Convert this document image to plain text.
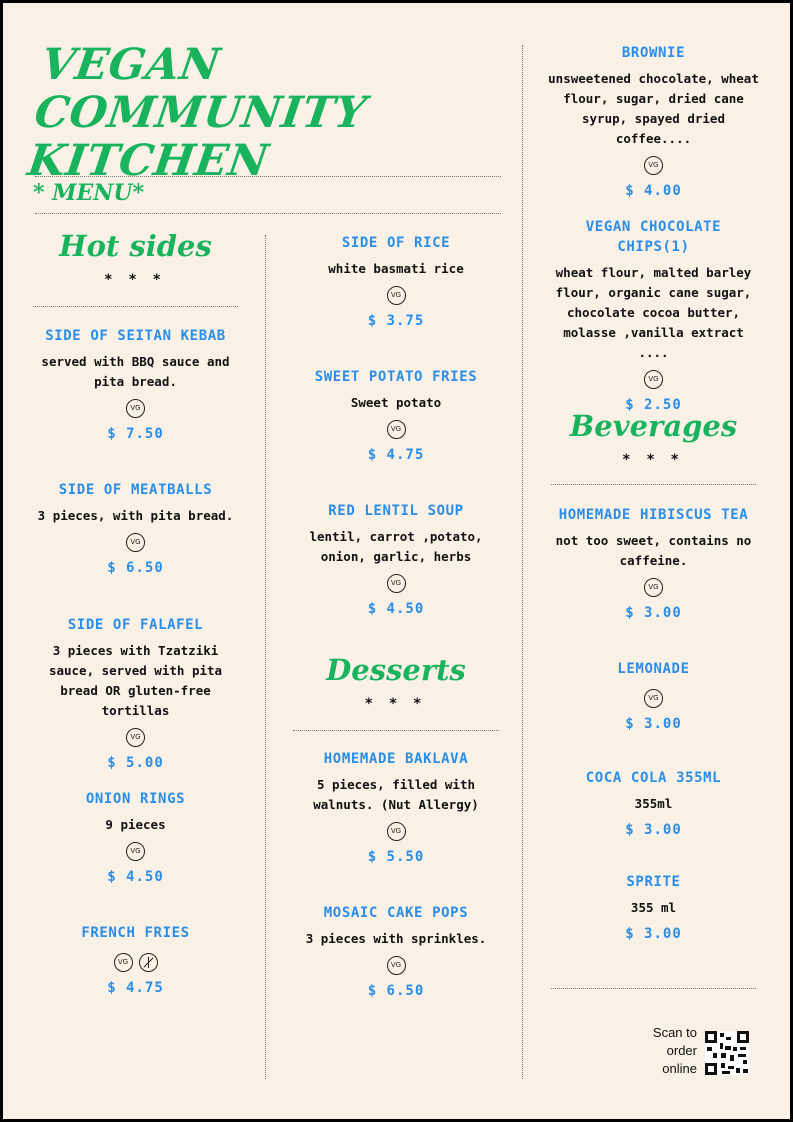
VEGAN COMMUNITY KITCHEN
* MENU*
Hot sides
* * *
SIDE OF SEITAN KEBAB
served with BBQ sauce and pita bread.
VG
$ 7.50
SIDE OF MEATBALLS
3 pieces, with pita bread.
VG
$ 6.50
SIDE OF FALAFEL
3 pieces with Tzatziki sauce, served with pita bread OR gluten-free tortillas
VG
$ 5.00
ONION RINGS
9 pieces
VG
$ 4.50
FRENCH FRIES
VG
$ 4.75
SIDE OF RICE
white basmati rice
VG
$ 3.75
SWEET POTATO FRIES
Sweet potato
VG
$ 4.75
RED LENTIL SOUP
lentil, carrot ,potato, onion, garlic, herbs
VG
$ 4.50
Desserts
* * *
HOMEMADE BAKLAVA
5 pieces, filled with walnuts. (Nut Allergy)
VG
$ 5.50
MOSAIC CAKE POPS
3 pieces with sprinkles.
VG
$ 6.50
BROWNIE
unsweetened chocolate, wheat flour, sugar, dried cane syrup, spayed dried coffee....
VG
$ 4.00
VEGAN CHOCOLATE CHIPS(1)
wheat flour, malted barley flour, organic cane sugar, chocolate cocoa butter, molasse ,vanilla extract ....
VG
$ 2.50
Beverages
* * *
HOMEMADE HIBISCUS TEA
not too sweet, contains no caffeine.
VG
$ 3.00
LEMONADE
VG
$ 3.00
COCA COLA 355ML
355ml
$ 3.00
SPRITE
355 ml
$ 3.00
Scan to order online
